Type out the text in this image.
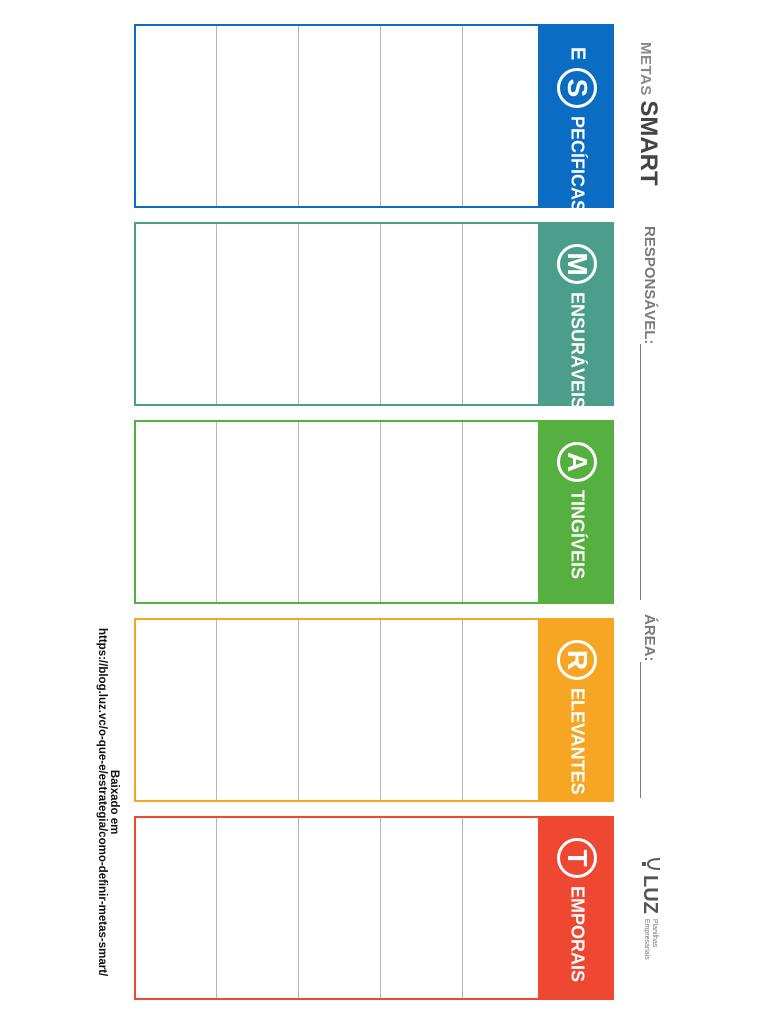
METAS SMART
RESPONSÁVEL:
ÁREA:
LUZ
Planilhas
Empresariais
E
S
PECÍFICAS
M
ENSURÁVEIS
A
TINGÍVEIS
R
ELEVANTES
T
EMPORAIS
Baixado em
https://blog.luz.vc/o-que-e/estrategia/como-definir-metas-smart/
